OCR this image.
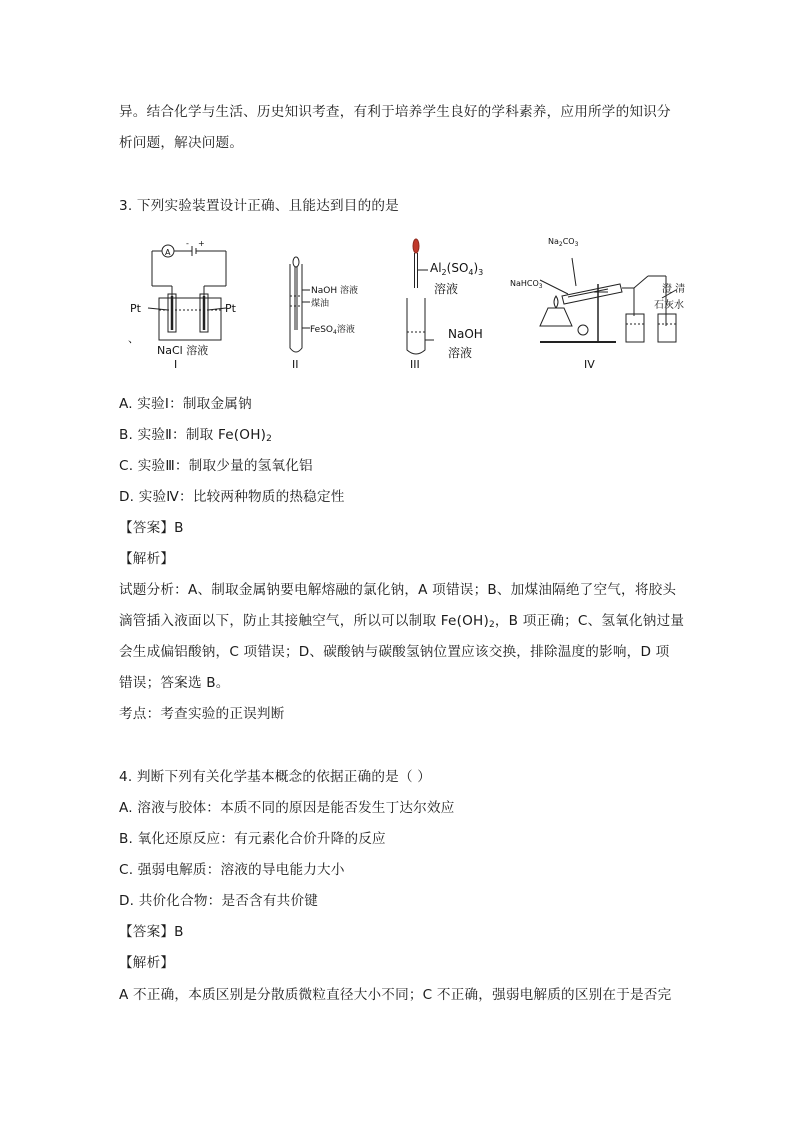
异。结合化学与生活、历史知识考查，有利于培养学生良好的学科素养，应用所学的知识分
析问题，解决问题。
3. 下列实验装置设计正确、且能达到目的的是
A
- +
Pt	Pt
、
NaCl 溶液
I
NaOH 溶液
煤油
FeSO$_4$溶液
II
$Al_2(SO_4)_3$
溶液
NaOH
溶液
III
$Na_2CO_3$
NaHCO$_3$	澄 清
石灰水
IV
A. 实验Ⅰ：制取金属钠
B. 实验Ⅱ：制取 $Fe(OH)_2$
C. 实验Ⅲ：制取少量的氢氧化铝
D. 实验Ⅳ：比较两种物质的热稳定性
【答案】B
【解析】
试题分析：A、制取金属钠要电解熔融的氯化钠，A 项错误；B、加煤油隔绝了空气，将胶头
滴管插入液面以下，防止其接触空气，所以可以制取 $Fe(OH)_2$，B 项正确；C、氢氧化钠过量
会生成偏铝酸钠，C 项错误；D、碳酸钠与碳酸氢钠位置应该交换，排除温度的影响，D 项
错误；答案选 B。
考点：考查实验的正误判断
4. 判断下列有关化学基本概念的依据正确的是（ ）
A. 溶液与胶体：本质不同的原因是能否发生丁达尔效应
B. 氧化还原反应：有元素化合价升降的反应
C. 强弱电解质：溶液的导电能力大小
D. 共价化合物：是否含有共价键
【答案】B
【解析】
A 不正确，本质区别是分散质微粒直径大小不同；C 不正确，强弱电解质的区别在于是否完
